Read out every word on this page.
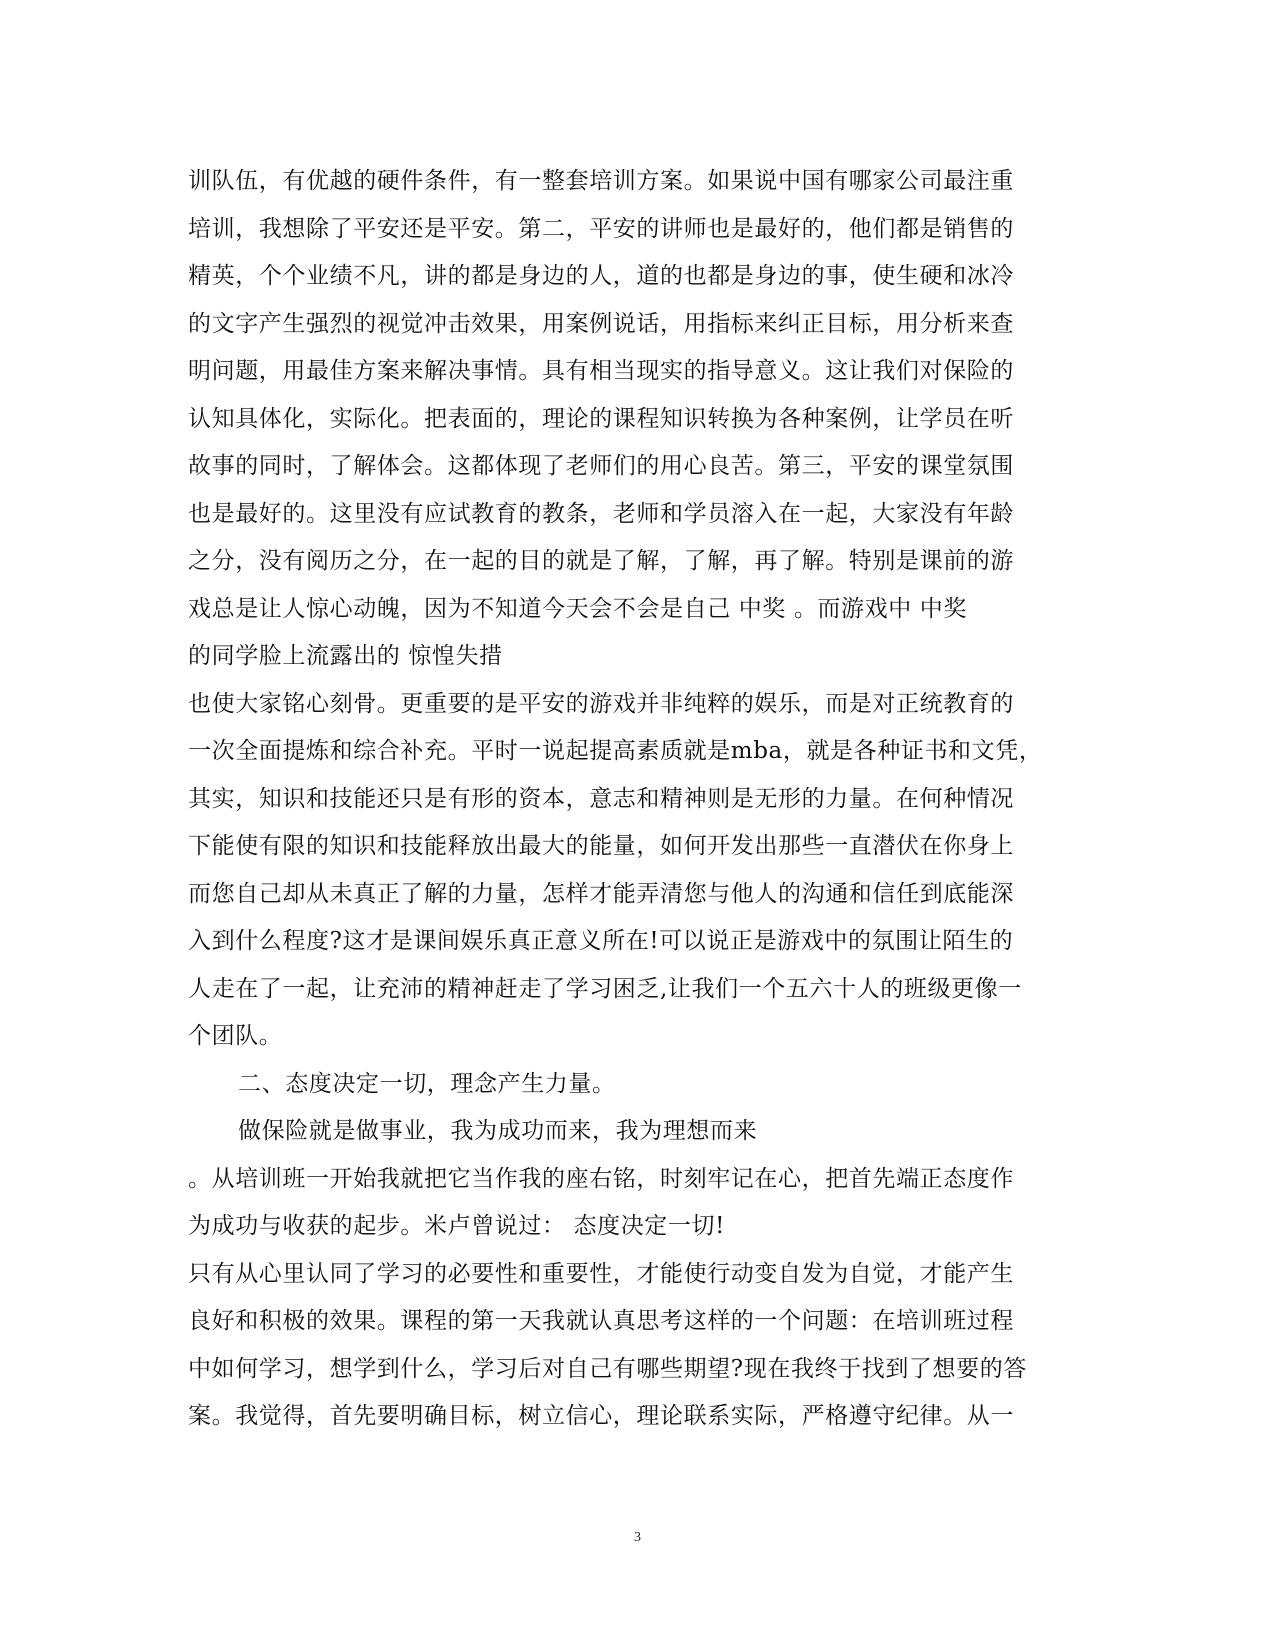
训队伍，有优越的硬件条件，有一整套培训方案。如果说中国有哪家公司最注重
培训，我想除了平安还是平安。第二，平安的讲师也是最好的，他们都是销售的
精英，个个业绩不凡，讲的都是身边的人，道的也都是身边的事，使生硬和冰冷
的文字产生强烈的视觉冲击效果，用案例说话，用指标来纠正目标，用分析来查
明问题，用最佳方案来解决事情。具有相当现实的指导意义。这让我们对保险的
认知具体化，实际化。把表面的，理论的课程知识转换为各种案例，让学员在听
故事的同时，了解体会。这都体现了老师们的用心良苦。第三，平安的课堂氛围
也是最好的。这里没有应试教育的教条，老师和学员溶入在一起，大家没有年龄
之分，没有阅历之分，在一起的目的就是了解，了解，再了解。特别是课前的游
戏总是让人惊心动魄，因为不知道今天会不会是自己 中奖 。而游戏中 中奖
的同学脸上流露出的 惊惶失措
也使大家铭心刻骨。更重要的是平安的游戏并非纯粹的娱乐，而是对正统教育的
一次全面提炼和综合补充。平时一说起提高素质就是mba，就是各种证书和文凭，
其实，知识和技能还只是有形的资本，意志和精神则是无形的力量。在何种情况
下能使有限的知识和技能释放出最大的能量，如何开发出那些一直潜伏在你身上
而您自己却从未真正了解的力量，怎样才能弄清您与他人的沟通和信任到底能深
入到什么程度?这才是课间娱乐真正意义所在!可以说正是游戏中的氛围让陌生的
人走在了一起，让充沛的精神赶走了学习困乏,让我们一个五六十人的班级更像一
个团队。
二、态度决定一切，理念产生力量。
做保险就是做事业，我为成功而来，我为理想而来
。从培训班一开始我就把它当作我的座右铭，时刻牢记在心，把首先端正态度作
为成功与收获的起步。米卢曾说过： 态度决定一切!
只有从心里认同了学习的必要性和重要性，才能使行动变自发为自觉，才能产生
良好和积极的效果。课程的第一天我就认真思考这样的一个问题：在培训班过程
中如何学习，想学到什么，学习后对自己有哪些期望?现在我终于找到了想要的答
案。我觉得，首先要明确目标，树立信心，理论联系实际，严格遵守纪律。从一
3
